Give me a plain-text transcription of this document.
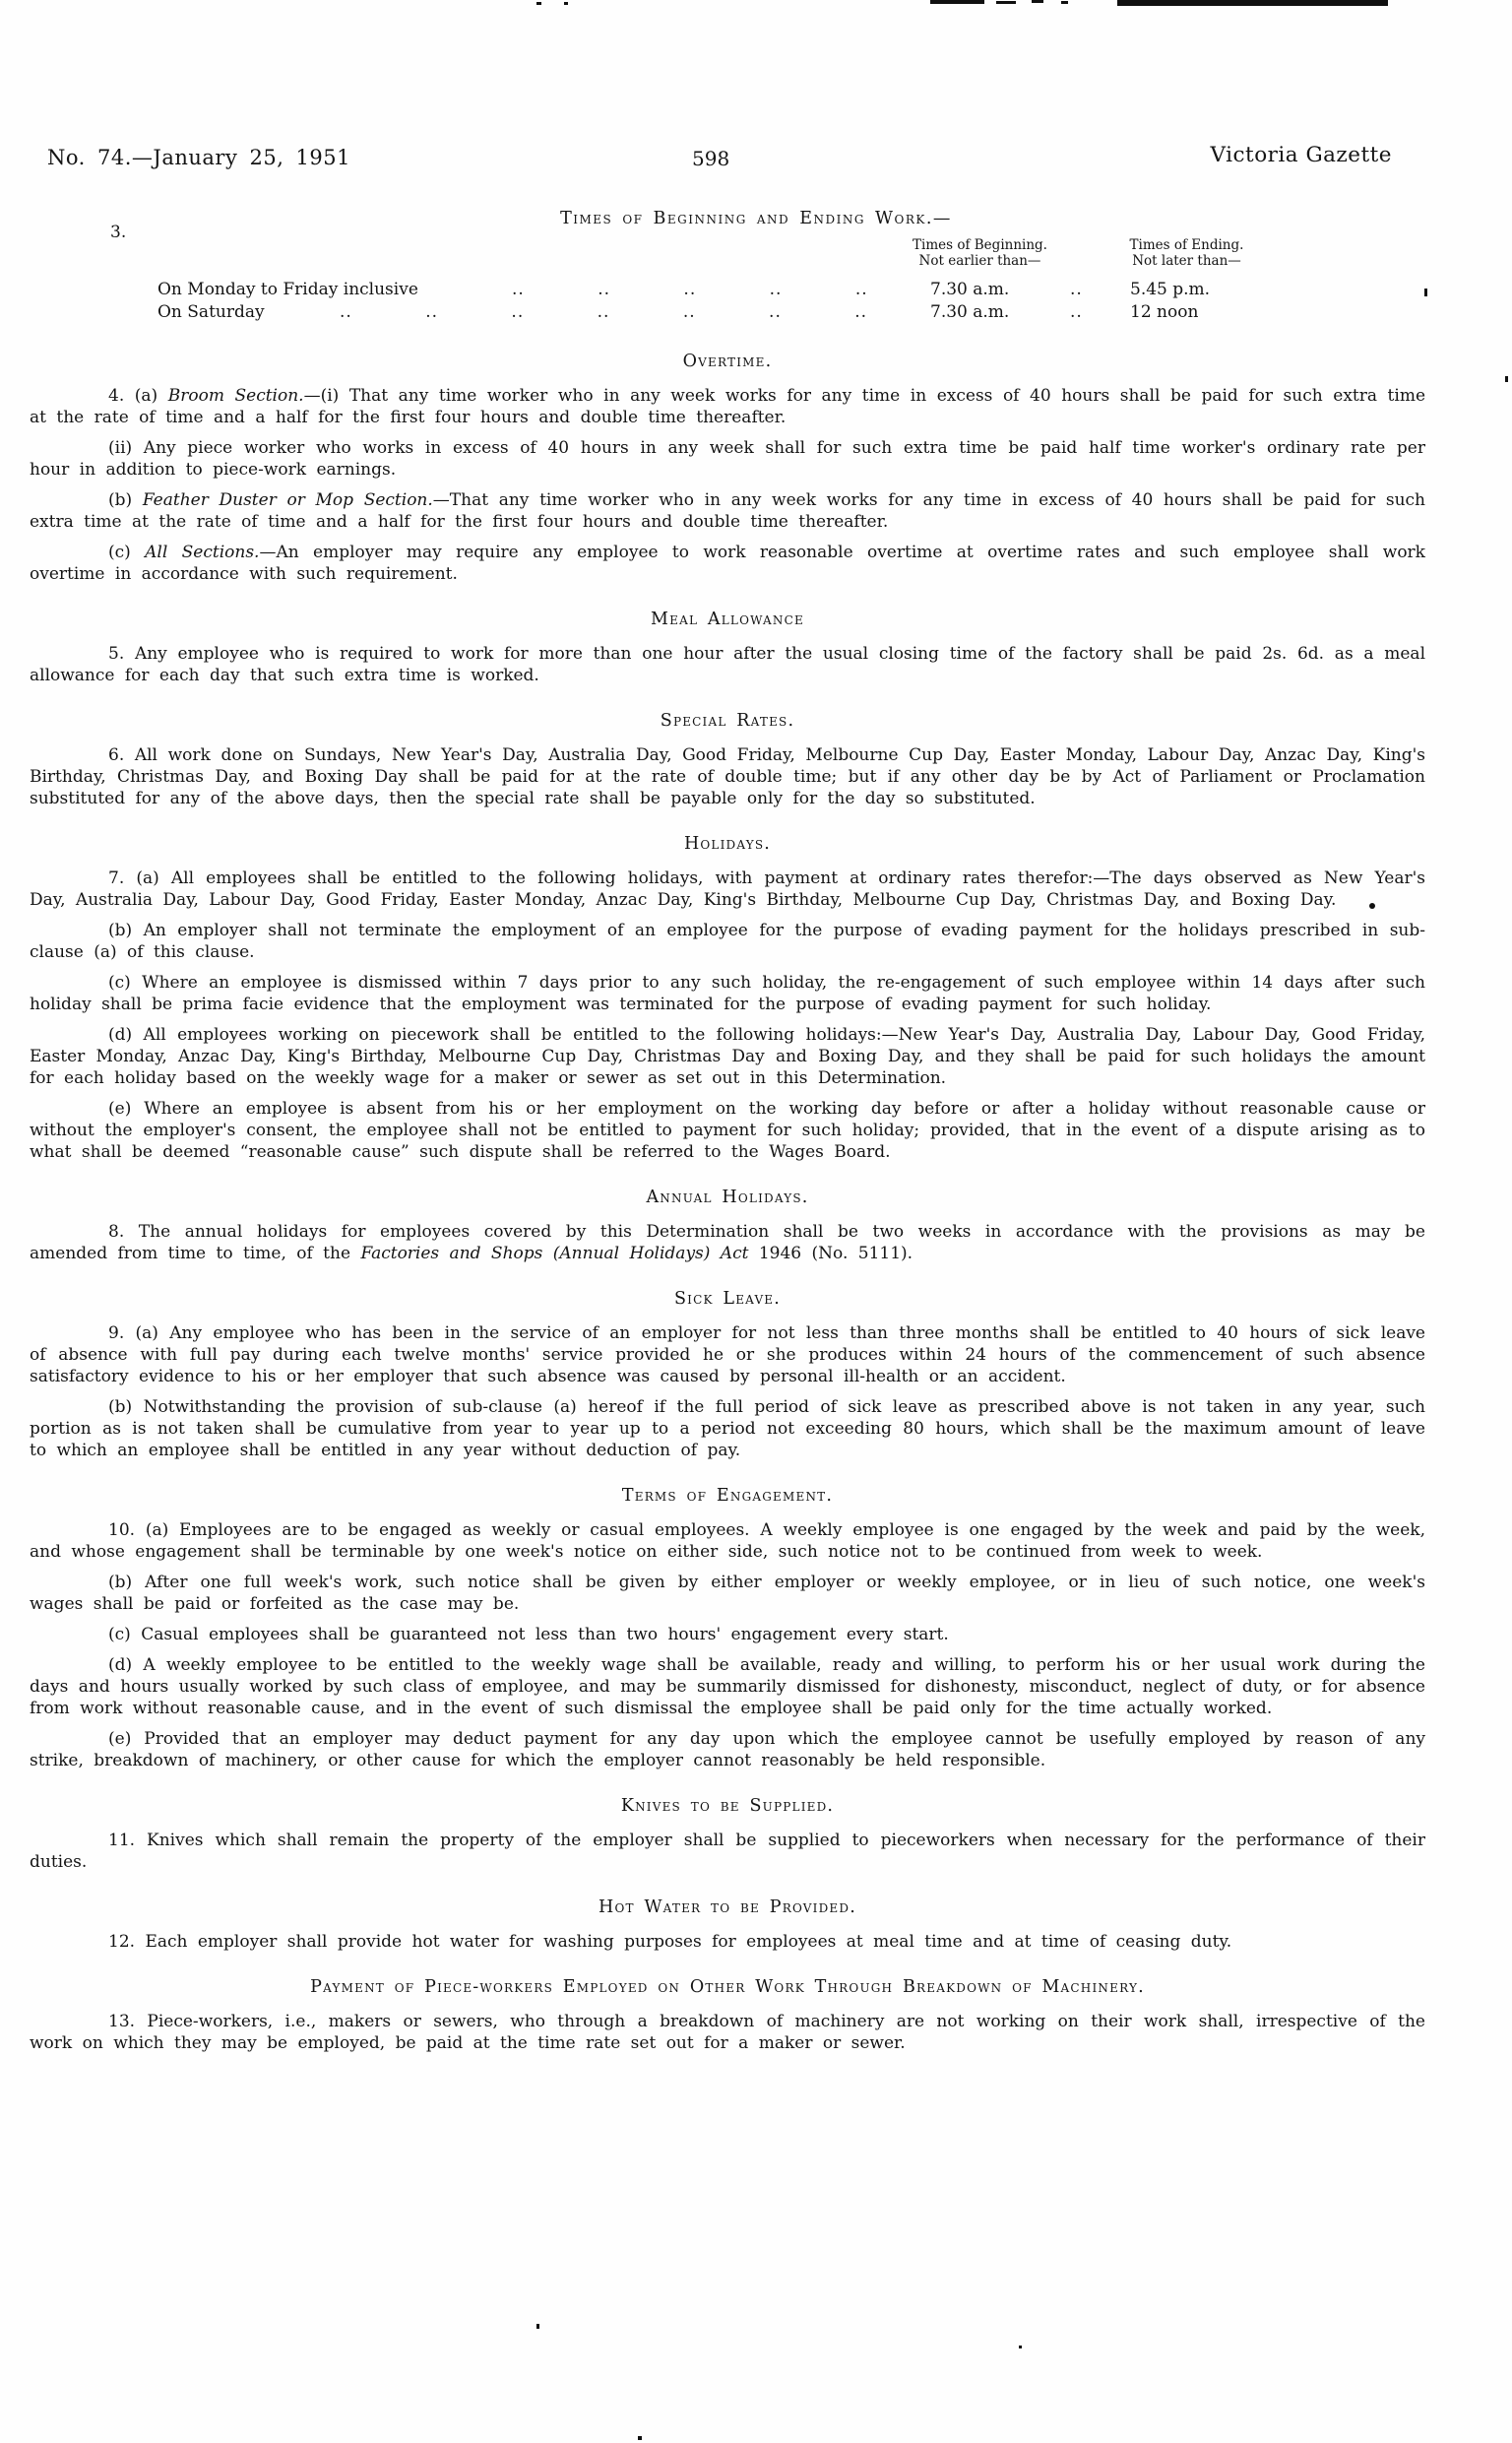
No. 74.—January 25, 1951	598	Victoria Gazette
3.
Times of Beginning and Ending Work.—
Times of Beginning.
Not earlier than—
Times of Ending.
Not later than—
On Monday to Friday inclusive	.. .. .. .. ..	7.30 a.m.	..	5.45 p.m.
On Saturday	.. .. .. .. .. .. ..	7.30 a.m.	..	12 noon
Overtime.

4. (a) Broom Section.—(i) That any time worker who in any week works for any time in excess of 40 hours shall be paid for such extra time at the rate of time and a half for the first four hours and double time thereafter.

(ii) Any piece worker who works in excess of 40 hours in any week shall for such extra time be paid half time worker's ordinary rate per hour in addition to piece-work earnings.

(b) Feather Duster or Mop Section.—That any time worker who in any week works for any time in excess of 40 hours shall be paid for such extra time at the rate of time and a half for the first four hours and double time thereafter.

(c) All Sections.—An employer may require any employee to work reasonable overtime at overtime rates and such employee shall work overtime in accordance with such requirement.

Meal Allowance

5. Any employee who is required to work for more than one hour after the usual closing time of the factory shall be paid 2s. 6d. as a meal allowance for each day that such extra time is worked.

Special Rates.

6. All work done on Sundays, New Year's Day, Australia Day, Good Friday, Melbourne Cup Day, Easter Monday, Labour Day, Anzac Day, King's Birthday, Christmas Day, and Boxing Day shall be paid for at the rate of double time; but if any other day be by Act of Parliament or Proclamation substituted for any of the above days, then the special rate shall be payable only for the day so substituted.

Holidays.

7. (a) All employees shall be entitled to the following holidays, with payment at ordinary rates therefor:—The days observed as New Year's Day, Australia Day, Labour Day, Good Friday, Easter Monday, Anzac Day, King's Birthday, Melbourne Cup Day, Christmas Day, and Boxing Day.

(b) An employer shall not terminate the employment of an employee for the purpose of evading payment for the holidays prescribed in sub-clause (a) of this clause.

(c) Where an employee is dismissed within 7 days prior to any such holiday, the re-engagement of such employee within 14 days after such holiday shall be prima facie evidence that the employment was terminated for the purpose of evading payment for such holiday.

(d) All employees working on piecework shall be entitled to the following holidays:—New Year's Day, Australia Day, Labour Day, Good Friday, Easter Monday, Anzac Day, King's Birthday, Melbourne Cup Day, Christmas Day and Boxing Day, and they shall be paid for such holidays the amount for each holiday based on the weekly wage for a maker or sewer as set out in this Determination.

(e) Where an employee is absent from his or her employment on the working day before or after a holiday without reasonable cause or without the employer's consent, the employee shall not be entitled to payment for such holiday; provided, that in the event of a dispute arising as to what shall be deemed “reasonable cause” such dispute shall be referred to the Wages Board.

Annual Holidays.

8. The annual holidays for employees covered by this Determination shall be two weeks in accordance with the provisions as may be amended from time to time, of the Factories and Shops (Annual Holidays) Act 1946 (No. 5111).

Sick Leave.

9. (a) Any employee who has been in the service of an employer for not less than three months shall be entitled to 40 hours of sick leave of absence with full pay during each twelve months' service provided he or she produces within 24 hours of the commencement of such absence satisfactory evidence to his or her employer that such absence was caused by personal ill-health or an accident.

(b) Notwithstanding the provision of sub-clause (a) hereof if the full period of sick leave as prescribed above is not taken in any year, such portion as is not taken shall be cumulative from year to year up to a period not exceeding 80 hours, which shall be the maximum amount of leave to which an employee shall be entitled in any year without deduction of pay.

Terms of Engagement.

10. (a) Employees are to be engaged as weekly or casual employees. A weekly employee is one engaged by the week and paid by the week, and whose engagement shall be terminable by one week's notice on either side, such notice not to be continued from week to week.

(b) After one full week's work, such notice shall be given by either employer or weekly employee, or in lieu of such notice, one week's wages shall be paid or forfeited as the case may be.

(c) Casual employees shall be guaranteed not less than two hours' engagement every start.

(d) A weekly employee to be entitled to the weekly wage shall be available, ready and willing, to perform his or her usual work during the days and hours usually worked by such class of employee, and may be summarily dismissed for dishonesty, misconduct, neglect of duty, or for absence from work without reasonable cause, and in the event of such dismissal the employee shall be paid only for the time actually worked.

(e) Provided that an employer may deduct payment for any day upon which the employee cannot be usefully employed by reason of any strike, breakdown of machinery, or other cause for which the employer cannot reasonably be held responsible.

Knives to be Supplied.

11. Knives which shall remain the property of the employer shall be supplied to pieceworkers when necessary for the performance of their duties.

Hot Water to be Provided.

12. Each employer shall provide hot water for washing purposes for employees at meal time and at time of ceasing duty.

Payment of Piece-workers Employed on Other Work Through Breakdown of Machinery.

13. Piece-workers, i.e., makers or sewers, who through a breakdown of machinery are not working on their work shall, irrespective of the work on which they may be employed, be paid at the time rate set out for a maker or sewer.
